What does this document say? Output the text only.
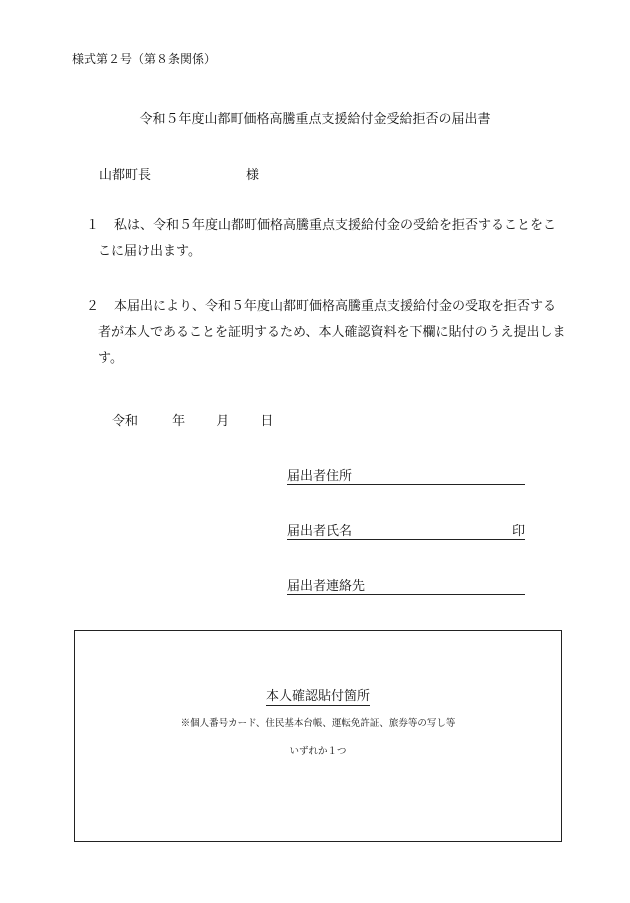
様式第２号（第８条関係）
令和５年度山都町価格高騰重点支援給付金受給拒否の届出書
山都町長	様
１	私は、令和５年度山都町価格高騰重点支援給付金の受給を拒否することをここに届け出ます。
２	本届出により、令和５年度山都町価格高騰重点支援給付金の受取を拒否する者が本人であることを証明するため、本人確認資料を下欄に貼付のうえ提出します。
令和	年 月 日
届出者住所
届出者氏名	印
届出者連絡先
本人確認貼付箇所
※個人番号カード、住民基本台帳、運転免許証、旅券等の写し等
いずれか１つ
